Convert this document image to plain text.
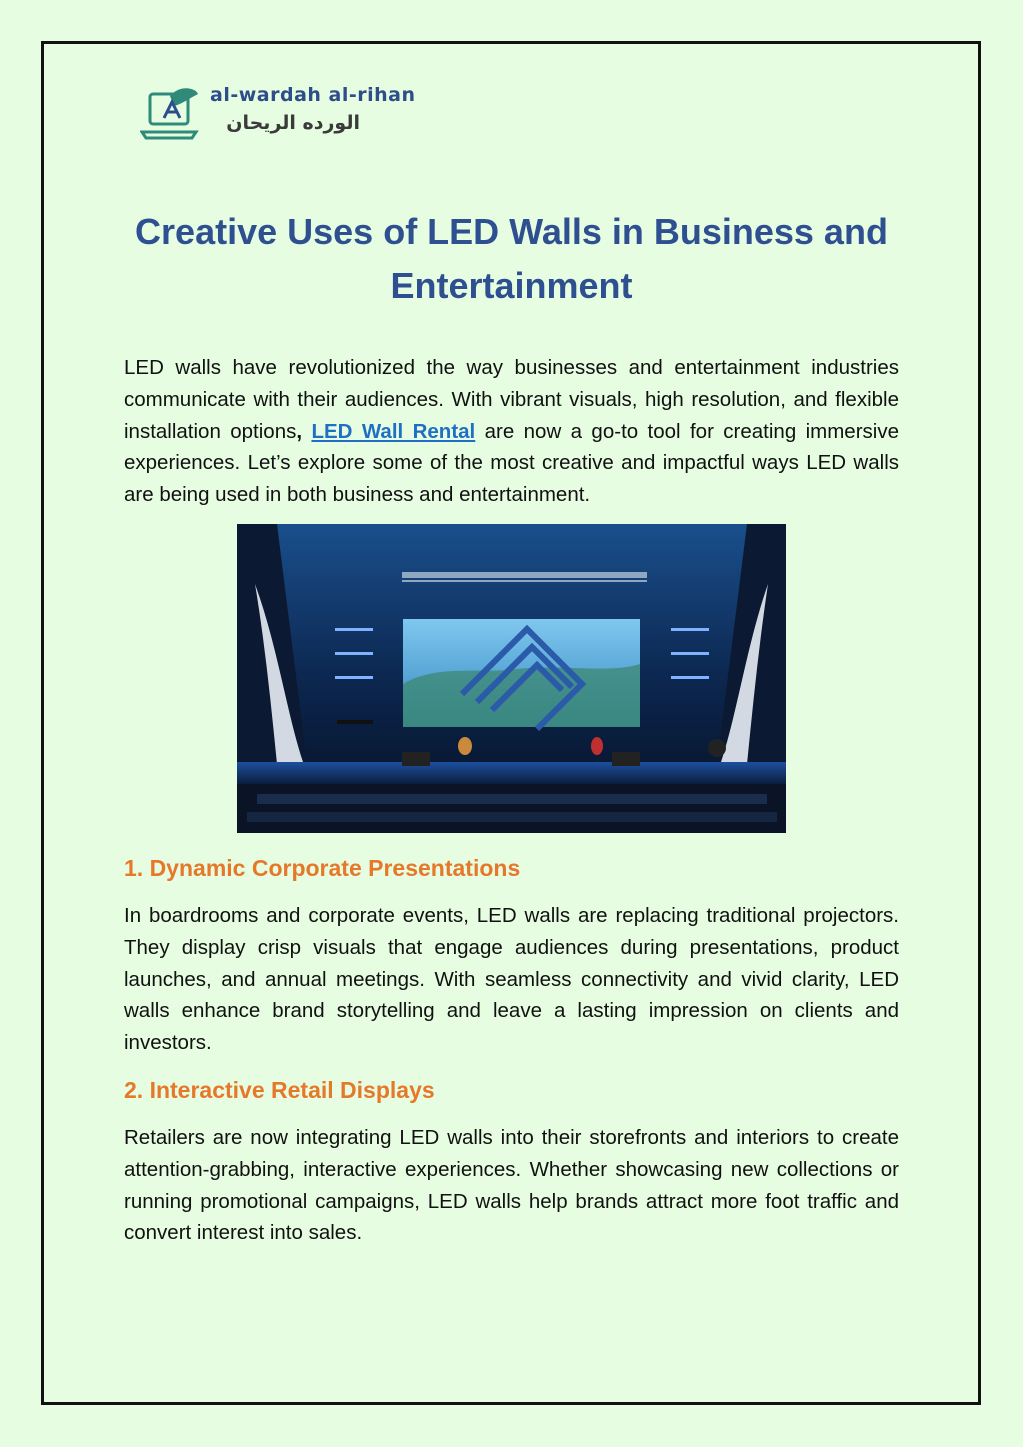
al-wardah al-rihan
الورده الريحان
Creative Uses of LED Walls in Business and Entertainment

LED walls have revolutionized the way businesses and entertainment industries communicate with their audiences. With vibrant visuals, high resolution, and flexible installation options, LED Wall Rental are now a go-to tool for creating immersive experiences. Let’s explore some of the most creative and impactful ways LED walls are being used in both business and entertainment.

1. Dynamic Corporate Presentations

In boardrooms and corporate events, LED walls are replacing traditional projectors. They display crisp visuals that engage audiences during presentations, product launches, and annual meetings. With seamless connectivity and vivid clarity, LED walls enhance brand storytelling and leave a lasting impression on clients and investors.

2. Interactive Retail Displays

Retailers are now integrating LED walls into their storefronts and interiors to create attention-grabbing, interactive experiences. Whether showcasing new collections or running promotional campaigns, LED walls help brands attract more foot traffic and convert interest into sales.
